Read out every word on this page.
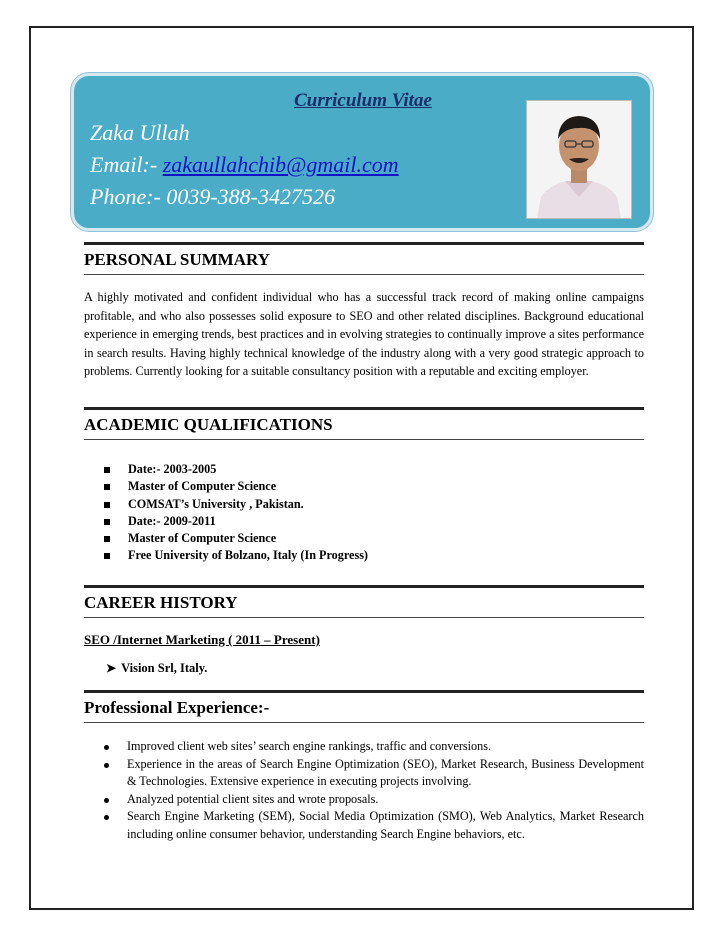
Curriculum Vitae
Zaka Ullah
Email:- zakaullahchib@gmail.com
Phone:- 0039-388-3427526
PERSONAL SUMMARY
A highly motivated and confident individual who has a successful track record of making online campaigns profitable, and who also possesses solid exposure to SEO and other related disciplines. Background educational experience in emerging trends, best practices and in evolving strategies to continually improve a sites performance in search results. Having highly technical knowledge of the industry along with a very good strategic approach to problems. Currently looking for a suitable consultancy position with a reputable and exciting employer.
ACADEMIC QUALIFICATIONS
Date:- 2003-2005
Master of Computer Science
COMSAT’s University , Pakistan.
Date:- 2009-2011
Master of Computer Science
Free University of Bolzano, Italy (In Progress)
CAREER HISTORY
SEO /Internet Marketing ( 2011 – Present)
➤ Vision Srl, Italy.
Professional Experience:-
Improved client web sites’ search engine rankings, traffic and conversions.
Experience in the areas of Search Engine Optimization (SEO), Market Research, Business Development & Technologies. Extensive experience in executing projects involving.
Analyzed potential client sites and wrote proposals.
Search Engine Marketing (SEM), Social Media Optimization (SMO), Web Analytics, Market Research including online consumer behavior, understanding Search Engine behaviors, etc.
